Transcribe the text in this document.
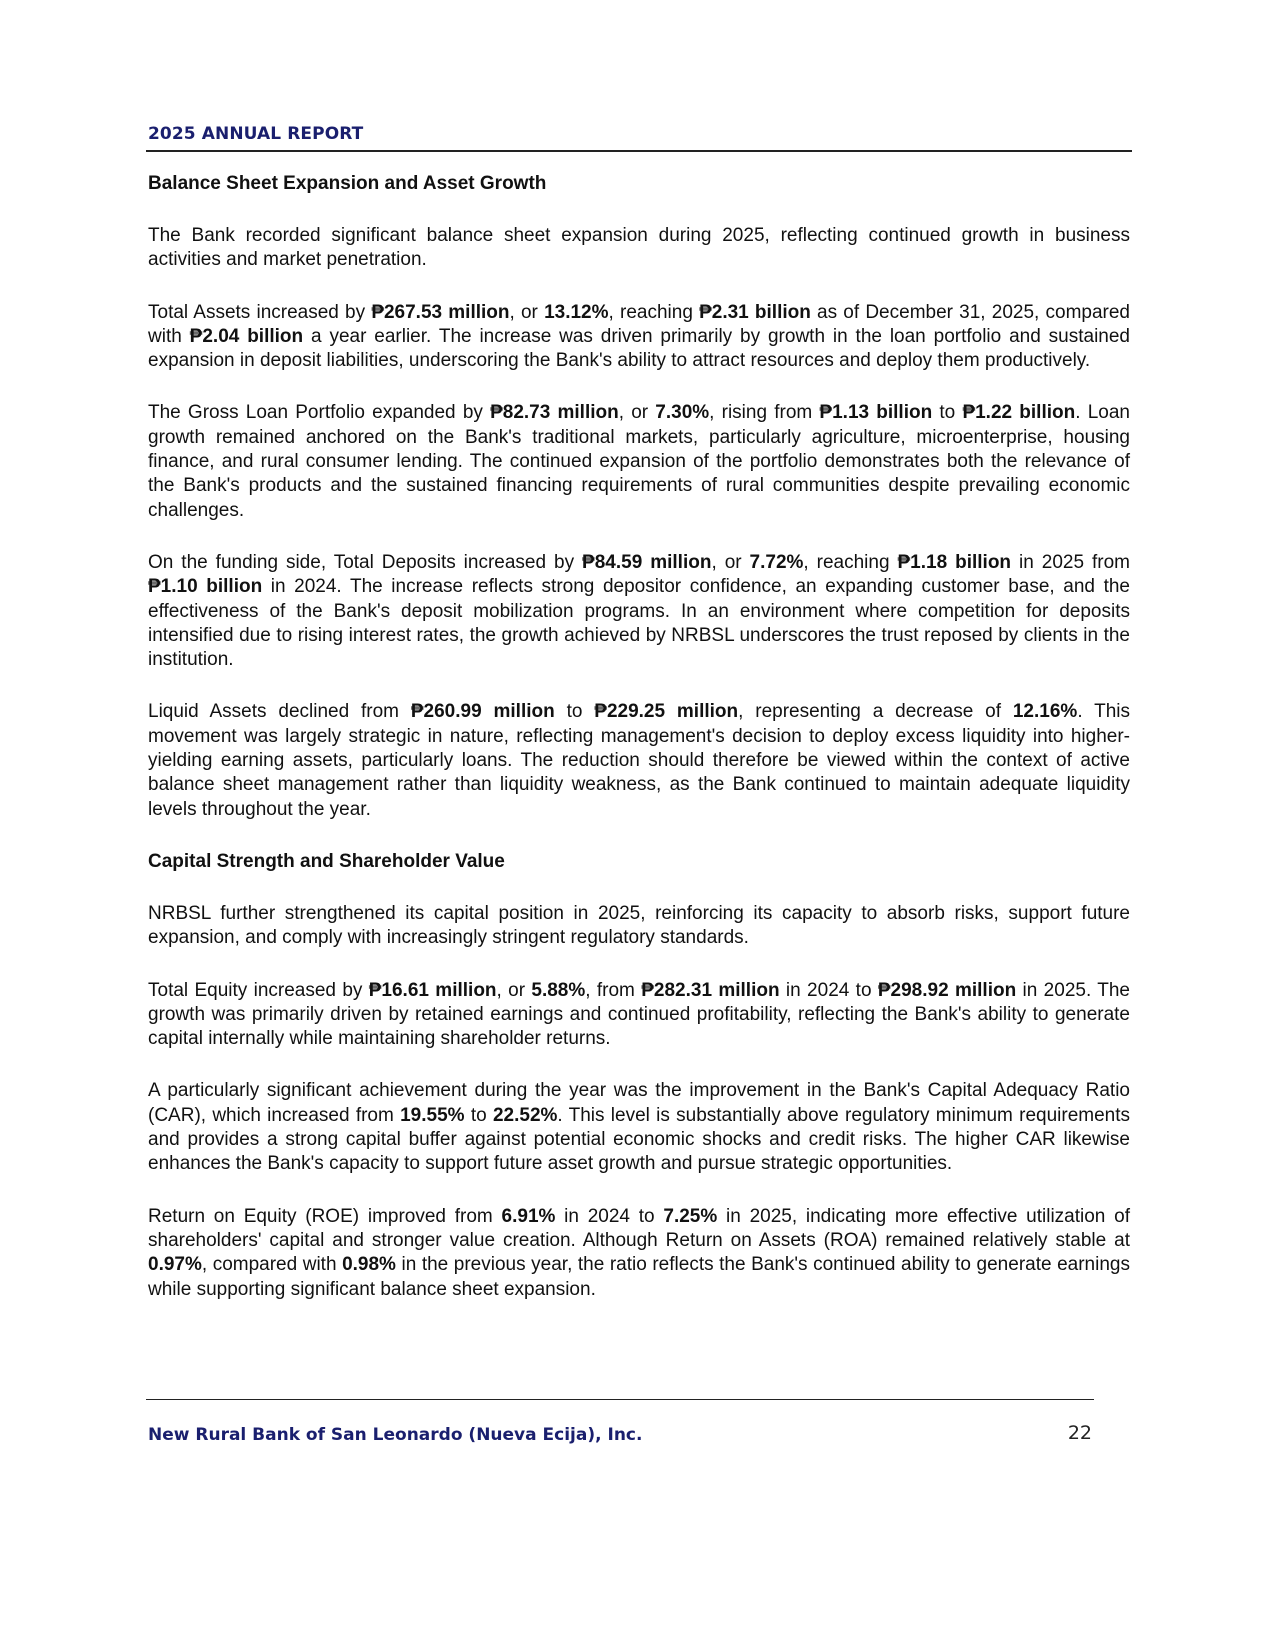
2025 ANNUAL REPORT
Balance Sheet Expansion and Asset Growth

The Bank recorded significant balance sheet expansion during 2025, reflecting continued growth in business activities and market penetration.

Total Assets increased by ₱267.53 million, or 13.12%, reaching ₱2.31 billion as of December 31, 2025, compared with ₱2.04 billion a year earlier. The increase was driven primarily by growth in the loan portfolio and sustained expansion in deposit liabilities, underscoring the Bank's ability to attract resources and deploy them productively.

The Gross Loan Portfolio expanded by ₱82.73 million, or 7.30%, rising from ₱1.13 billion to ₱1.22 billion. Loan growth remained anchored on the Bank's traditional markets, particularly agriculture, microenterprise, housing finance, and rural consumer lending. The continued expansion of the portfolio demonstrates both the relevance of the Bank's products and the sustained financing requirements of rural communities despite prevailing economic challenges.

On the funding side, Total Deposits increased by ₱84.59 million, or 7.72%, reaching ₱1.18 billion in 2025 from ₱1.10 billion in 2024. The increase reflects strong depositor confidence, an expanding customer base, and the effectiveness of the Bank's deposit mobilization programs. In an environment where competition for deposits intensified due to rising interest rates, the growth achieved by NRBSL underscores the trust reposed by clients in the institution.

Liquid Assets declined from ₱260.99 million to ₱229.25 million, representing a decrease of 12.16%. This movement was largely strategic in nature, reflecting management's decision to deploy excess liquidity into higher-yielding earning assets, particularly loans. The reduction should therefore be viewed within the context of active balance sheet management rather than liquidity weakness, as the Bank continued to maintain adequate liquidity levels throughout the year.

Capital Strength and Shareholder Value

NRBSL further strengthened its capital position in 2025, reinforcing its capacity to absorb risks, support future expansion, and comply with increasingly stringent regulatory standards.

Total Equity increased by ₱16.61 million, or 5.88%, from ₱282.31 million in 2024 to ₱298.92 million in 2025. The growth was primarily driven by retained earnings and continued profitability, reflecting the Bank's ability to generate capital internally while maintaining shareholder returns.

A particularly significant achievement during the year was the improvement in the Bank's Capital Adequacy Ratio (CAR), which increased from 19.55% to 22.52%. This level is substantially above regulatory minimum requirements and provides a strong capital buffer against potential economic shocks and credit risks. The higher CAR likewise enhances the Bank's capacity to support future asset growth and pursue strategic opportunities.

Return on Equity (ROE) improved from 6.91% in 2024 to 7.25% in 2025, indicating more effective utilization of shareholders' capital and stronger value creation. Although Return on Assets (ROA) remained relatively stable at 0.97%, compared with 0.98% in the previous year, the ratio reflects the Bank's continued ability to generate earnings while supporting significant balance sheet expansion.

New Rural Bank of San Leonardo (Nueva Ecija), Inc.	22
